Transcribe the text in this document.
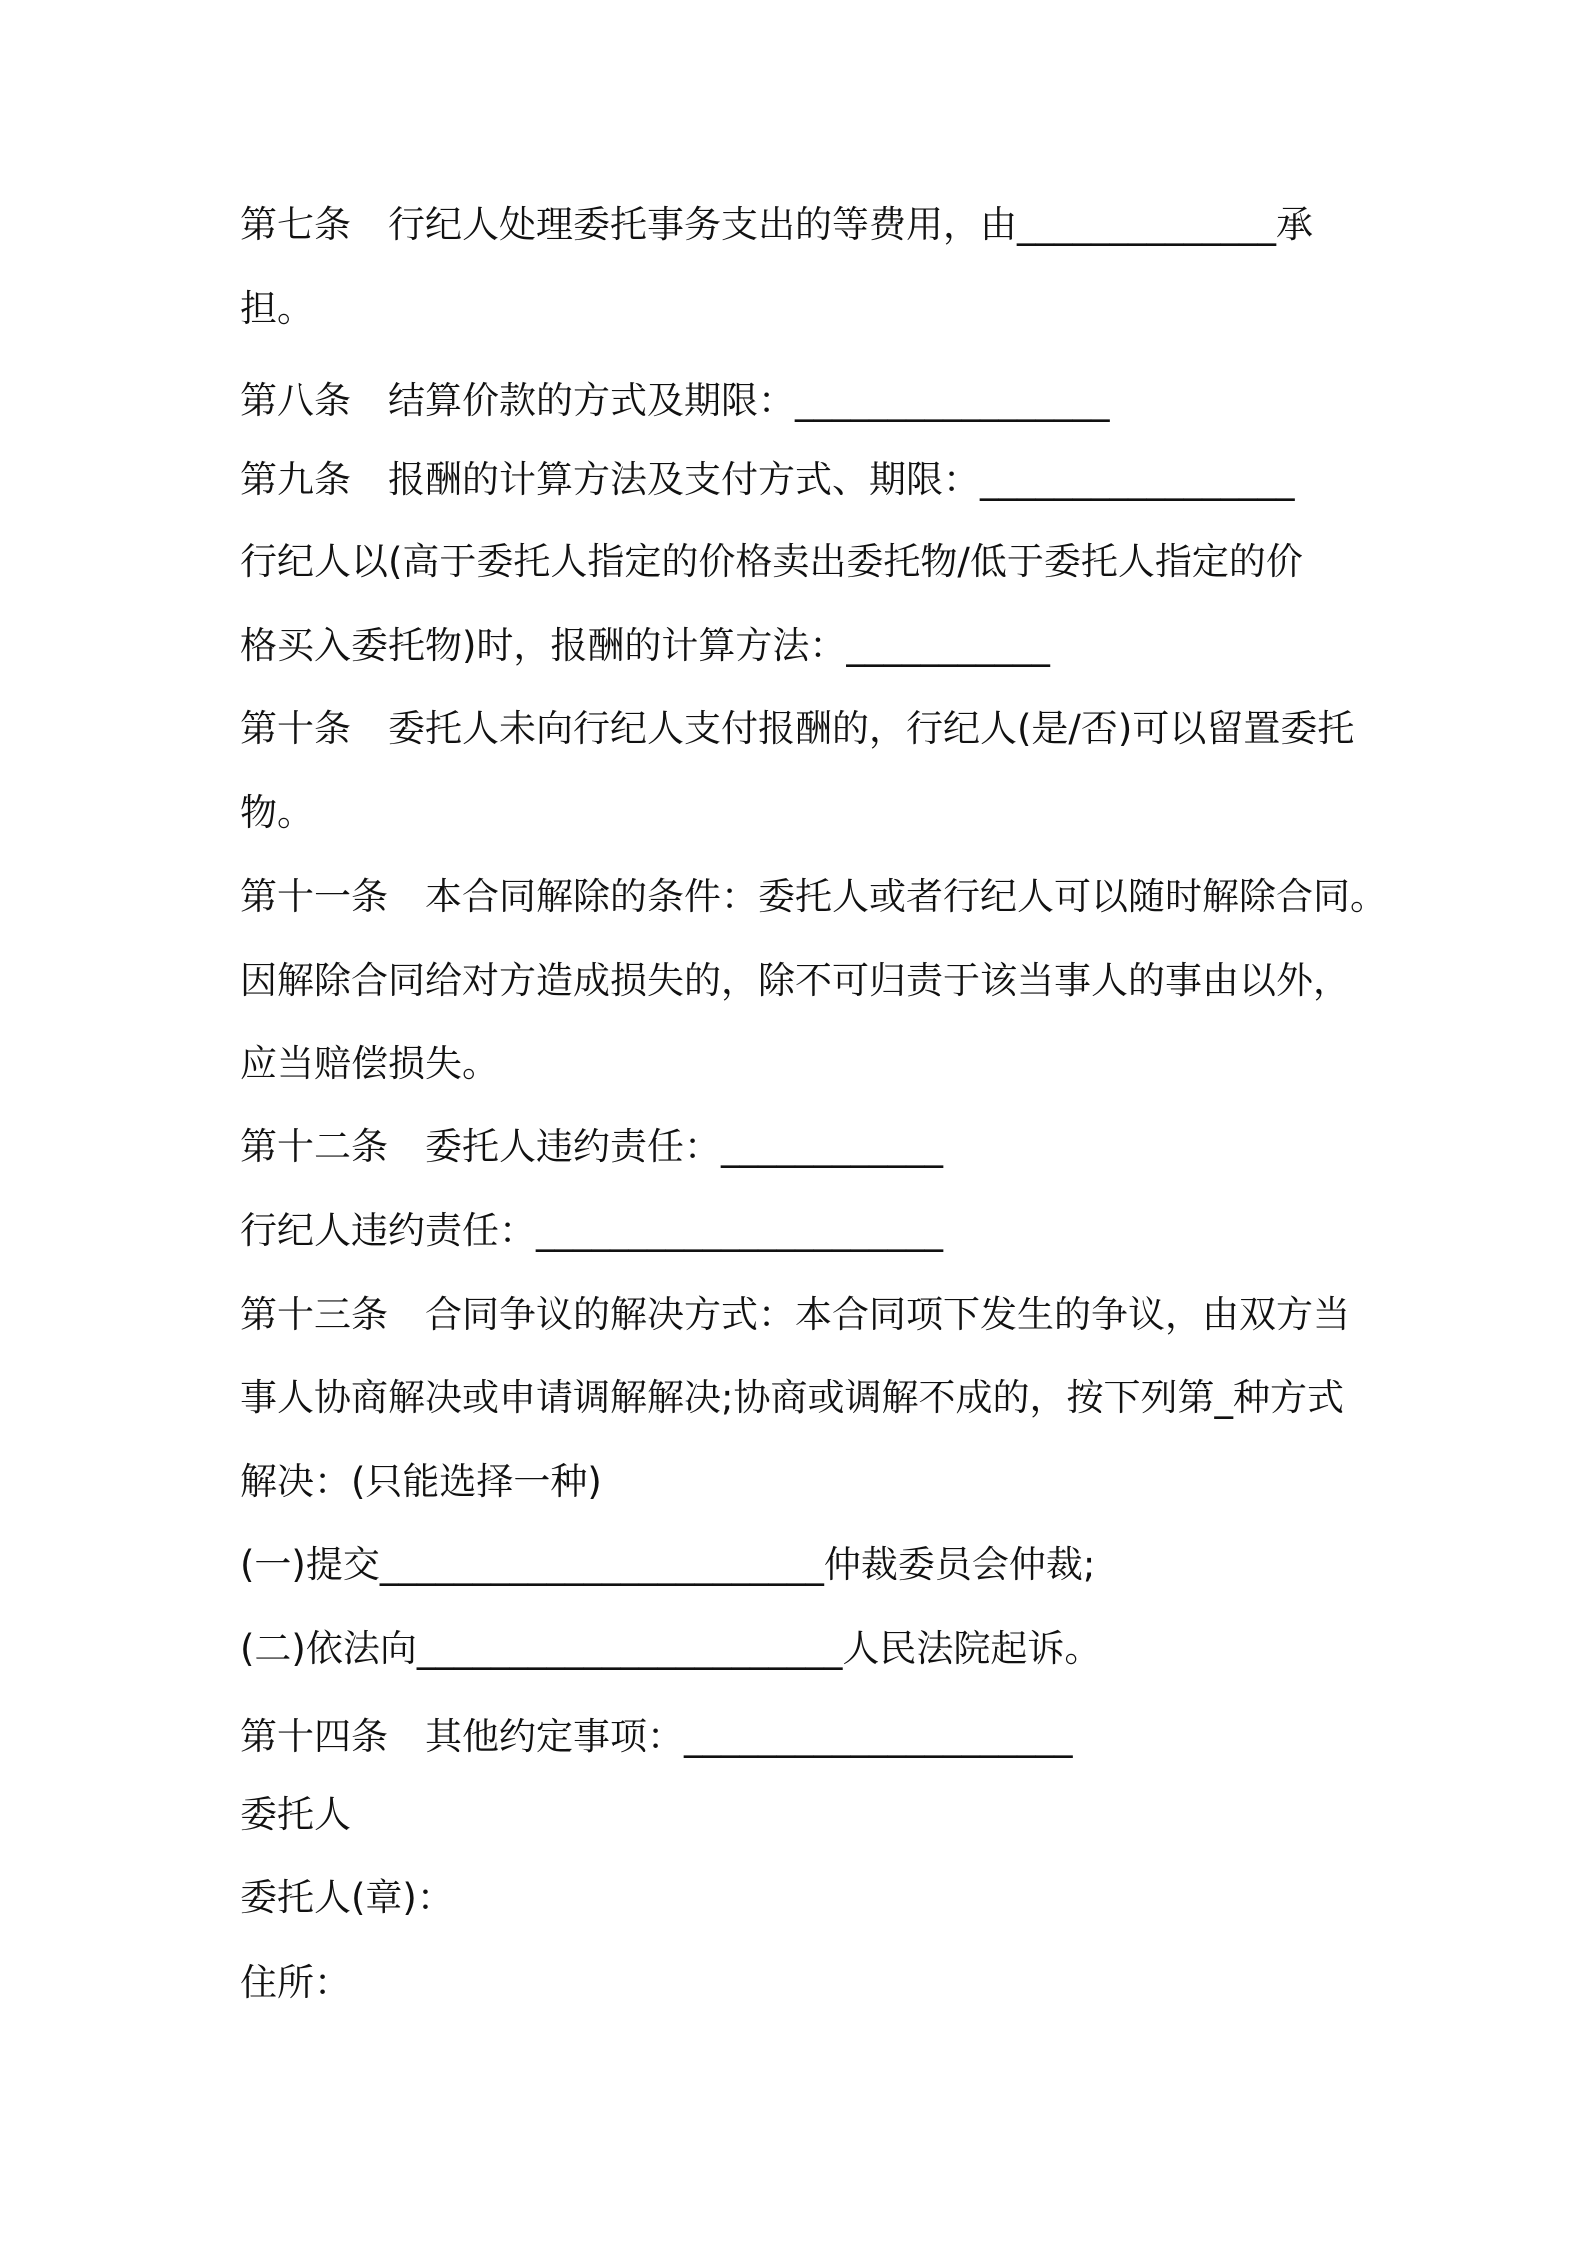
第七条　行纪人处理委托事务支出的等费用，由______________承
担。
第八条　结算价款的方式及期限：_________________
第九条　报酬的计算方法及支付方式、期限：_________________
行纪人以(高于委托人指定的价格卖出委托物/低于委托人指定的价
格买入委托物)时，报酬的计算方法：___________
第十条　委托人未向行纪人支付报酬的，行纪人(是/否)可以留置委托
物。
第十一条　本合同解除的条件：委托人或者行纪人可以随时解除合同。
因解除合同给对方造成损失的，除不可归责于该当事人的事由以外，
应当赔偿损失。
第十二条　委托人违约责任：____________
行纪人违约责任：______________________
第十三条　合同争议的解决方式：本合同项下发生的争议，由双方当
事人协商解决或申请调解解决;协商或调解不成的，按下列第_种方式
解决：(只能选择一种)
(一)提交________________________仲裁委员会仲裁;
(二)依法向_______________________人民法院起诉。
第十四条　其他约定事项：_____________________
委托人
委托人(章)：
住所：
